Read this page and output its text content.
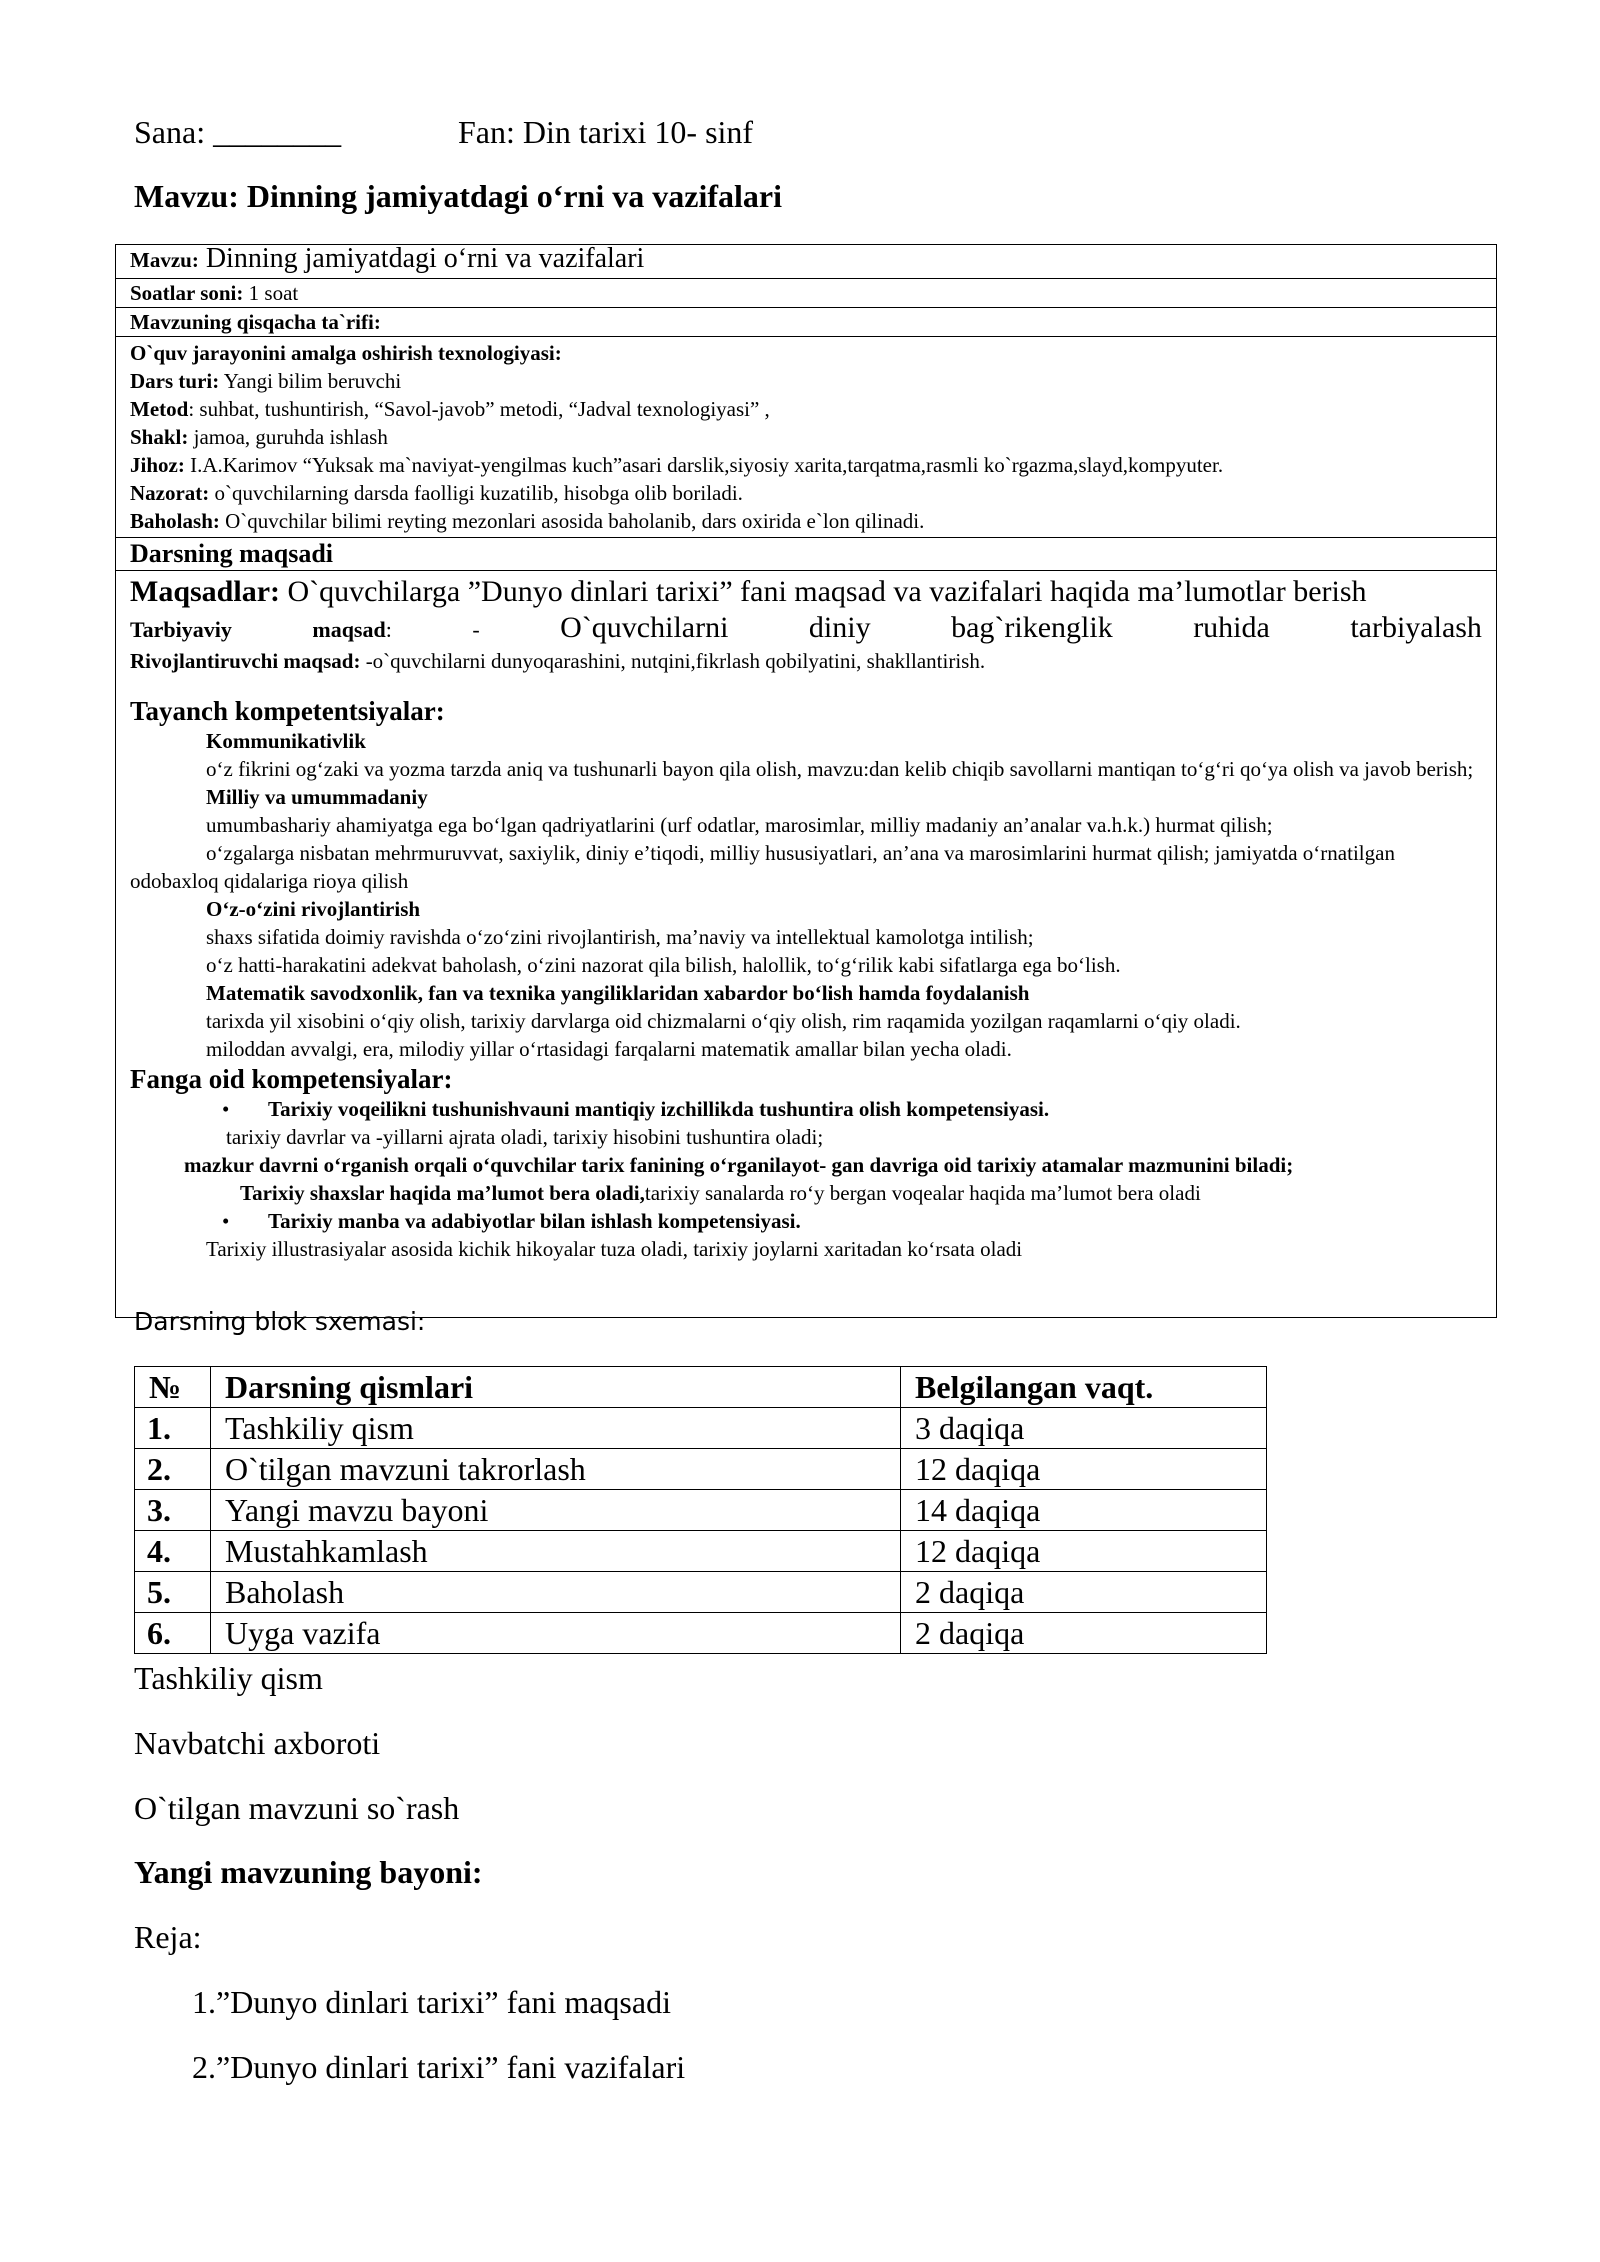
Sana: ________	Fan: Din tarixi 10- sinf
Mavzu: Dinning jamiyatdagi o‘rni va vazifalari
Mavzu: Dinning jamiyatdagi o‘rni va vazifalari
Soatlar soni: 1 soat
Mavzuning qisqacha ta`rifi:

O`quv jarayonini amalga oshirish texnologiyasi:
Dars turi: Yangi bilim beruvchi
Metod: suhbat, tushuntirish, “Savol-javob” metodi, “Jadval texnologiyasi” ,
Shakl: jamoa, guruhda ishlash
Jihoz: I.A.Karimov “Yuksak ma`naviyat-yengilmas kuch”asari darslik,siyosiy xarita,tarqatma,rasmli ko`rgazma,slayd,kompyuter.
Nazorat: o`quvchilarning darsda faolligi kuzatilib, hisobga olib boriladi.
Baholash: O`quvchilar bilimi reyting mezonlari asosida baholanib, dars oxirida e`lon qilinadi.

Darsning maqsadi

Maqsadlar: O`quvchilarga ”Dunyo dinlari tarixi” fani maqsad va vazifalari haqida ma’lumotlar berish
Tarbiyaviy	maqsad:	-	O`quvchilarni	diniy	bag`rikenglik	ruhida	tarbiyalash
Rivojlantiruvchi maqsad: -o`quvchilarni dunyoqarashini, nutqini,fikrlash qobilyatini, shakllantirish.
Tayanch kompetentsiyalar:
Kommunikativlik
o‘z fikrini og‘zaki va yozma tarzda aniq va tushunarli bayon qila olish, mavzu:dan kelib chiqib savollarni mantiqan to‘g‘ri qo‘ya olish va javob berish;
Milliy va umummadaniy
umumbashariy ahamiyatga ega bo‘lgan qadriyatlarini (urf odatlar, marosimlar, milliy madaniy an’analar va.h.k.) hurmat qilish;
o‘zgalarga nisbatan mehrmuruvvat, saxiylik, diniy e’tiqodi, milliy hususiyatlari, an’ana va marosimlarini hurmat qilish; jamiyatda o‘rnatilgan odobaxloq qidalariga rioya qilish
O‘z-o‘zini rivojlantirish
shaxs sifatida doimiy ravishda o‘zo‘zini rivojlantirish, ma’naviy va intellektual kamolotga intilish;
o‘z hatti-harakatini adekvat baholash, o‘zini nazorat qila bilish, halollik, to‘g‘rilik kabi sifatlarga ega bo‘lish.
Matematik savodxonlik, fan va texnika yangiliklaridan xabardor bo‘lish hamda foydalanish
tarixda yil xisobini o‘qiy olish, tarixiy darvlarga oid chizmalarni o‘qiy olish, rim raqamida yozilgan raqamlarni o‘qiy oladi.
miloddan avvalgi, era, milodiy yillar o‘rtasidagi farqalarni matematik amallar bilan yecha oladi.
Fanga oid kompetensiyalar:
• Tarixiy voqeilikni tushunishvauni mantiqiy izchillikda tushuntira olish kompetensiyasi.
tarixiy davrlar va -yillarni ajrata oladi, tarixiy hisobini tushuntira oladi;
mazkur davrni o‘rganish orqali o‘quvchilar tarix fanining o‘rganilayot- gan davriga oid tarixiy atamalar mazmunini biladi;
Tarixiy shaxslar haqida ma’lumot bera oladi,tarixiy sanalarda ro‘y bergan voqealar haqida ma’lumot bera oladi
• Tarixiy manba va adabiyotlar bilan ishlash kompetensiyasi.
Tarixiy illustrasiyalar asosida kichik hikoyalar tuza oladi, tarixiy joylarni xaritadan ko‘rsata oladi
Darsning blok sxemasi:
№	Darsning qismlari	Belgilangan vaqt.
1.	Tashkiliy qism	3 daqiqa
2.	O`tilgan mavzuni takrorlash	12 daqiqa
3.	Yangi mavzu bayoni	14 daqiqa
4.	Mustahkamlash	12 daqiqa
5.	Baholash	2 daqiqa
6.	Uyga vazifa	2 daqiqa
Tashkiliy qism
Navbatchi axboroti
O`tilgan mavzuni so`rash
Yangi mavzuning bayoni:
Reja:
1.”Dunyo dinlari tarixi” fani maqsadi
2.”Dunyo dinlari tarixi” fani vazifalari
